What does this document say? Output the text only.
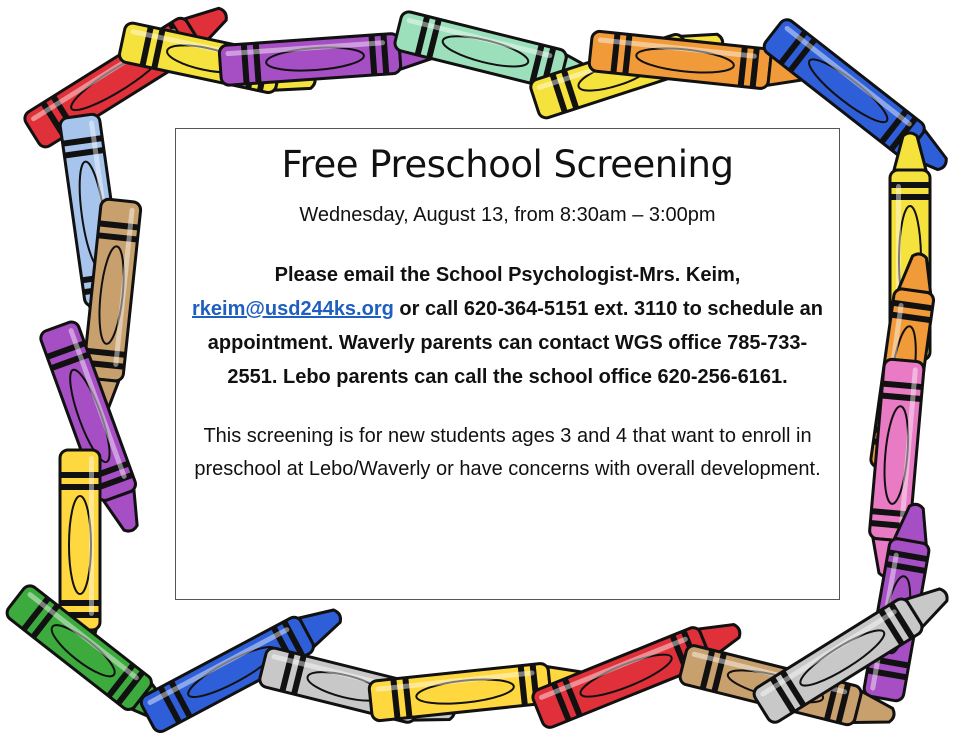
Free Preschool Screening

Wednesday, August 13, from 8:30am – 3:00pm

Please email the School Psychologist-Mrs. Keim,
rkeim@usd244ks.org or call 620-364-5151 ext. 3110 to schedule an appointment. Waverly parents can contact WGS office 785-733-2551. Lebo parents can call the school office 620-256-6161.

This screening is for new students ages 3 and 4 that want to enroll in preschool at Lebo/Waverly or have concerns with overall development.
